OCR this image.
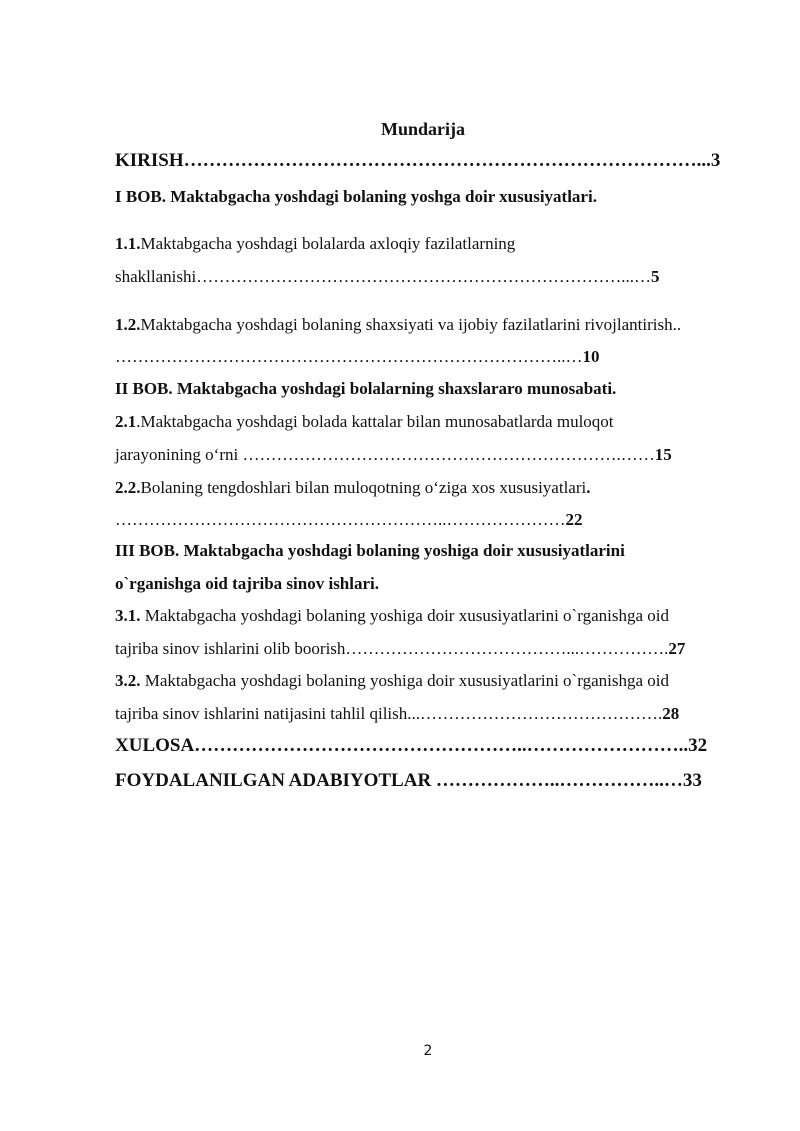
Mundarija
KIRISH………………………………………………………………………...3
I BOB. Maktabgacha yoshdagi bolaning yoshga doir xususiyatlari.
1.1.Maktabgacha yoshdagi bolalarda axloqiy fazilatlarning
shakllanishi…………………………………………………………………...…5
1.2.Maktabgacha yoshdagi bolaning shaxsiyati va ijobiy fazilatlarini rivojlantirish..
……………………………………………………………………..…10
II BOB. Maktabgacha yoshdagi bolalarning shaxslararo munosabati.
2.1.Maktabgacha yoshdagi bolada kattalar bilan munosabatlarda muloqot
jarayonining o‘rni ………………………………………………………….……15
2.2.Bolaning tengdoshlari bilan muloqotning o‘ziga xos xususiyatlari.
…………………………………………………..…………………22
III BOB. Maktabgacha yoshdagi bolaning yoshiga doir xususiyatlarini
o`rganishga oid tajriba sinov ishlari.
3.1. Maktabgacha yoshdagi bolaning yoshiga doir xususiyatlarini o`rganishga oid
tajriba sinov ishlarini olib boorish…………………………………...…………….27
3.2. Maktabgacha yoshdagi bolaning yoshiga doir xususiyatlarini o`rganishga oid
tajriba sinov ishlarini natijasini tahlil qilish...…………………………………….28
XULOSA……………………………………………..……………………..32
FOYDALANILGAN ADABIYOTLAR ………………..……………..…33
2
